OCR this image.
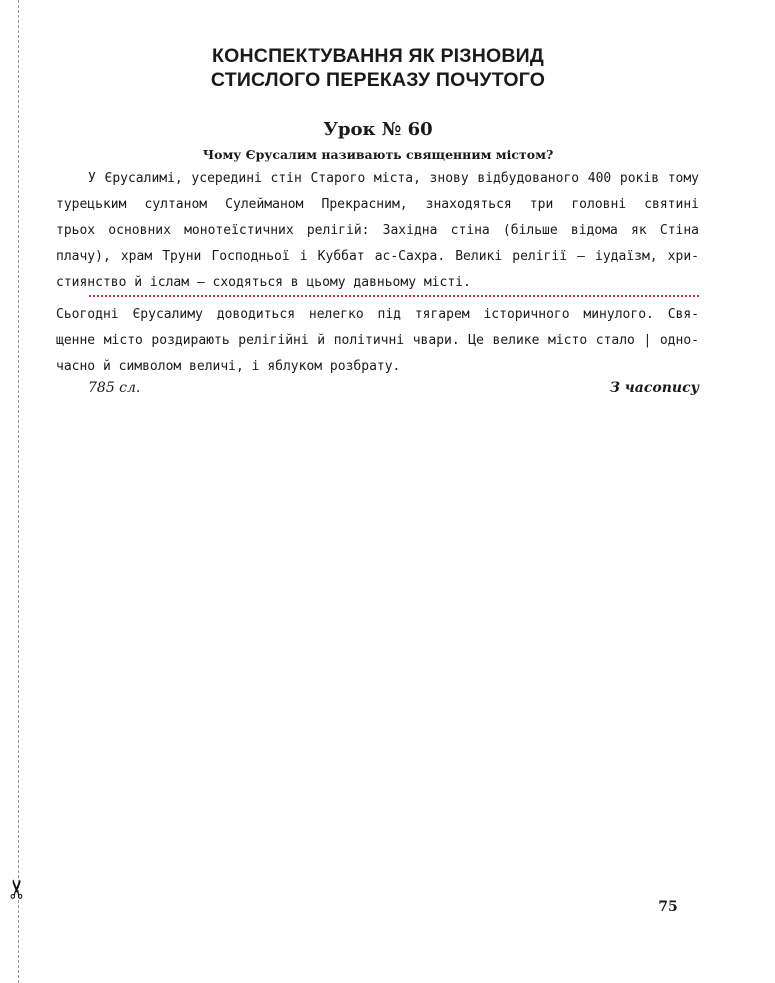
✂
КОНСПЕКТУВАННЯ ЯК РІЗНОВИД
СТИСЛОГО ПЕРЕКАЗУ ПОЧУТОГО
Урок № 60
Чому Єрусалим називають священним містом?
У Єрусалимі, усередині стін Старого міста, знову відбудованого 400 років тому
турецьким султаном Сулейманом Прекрасним, знаходяться три головні святині
трьох основних монотеїстичних релігій: Західна стіна (більше відома як Стіна
плачу), храм Труни Господньої і Куббат ас-Сахра. Великі релігії — іудаїзм, хри-
стиянство й іслам — сходяться в цьому давньому місті.
Сьогодні Єрусалиму доводиться нелегко під тягарем історичного минулого. Свя-
щенне місто роздирають релігійні й політичні чвари. Це велике місто стало | одно-
часно й символом величі, і яблуком розбрату.
785 сл.	З часопису
75
